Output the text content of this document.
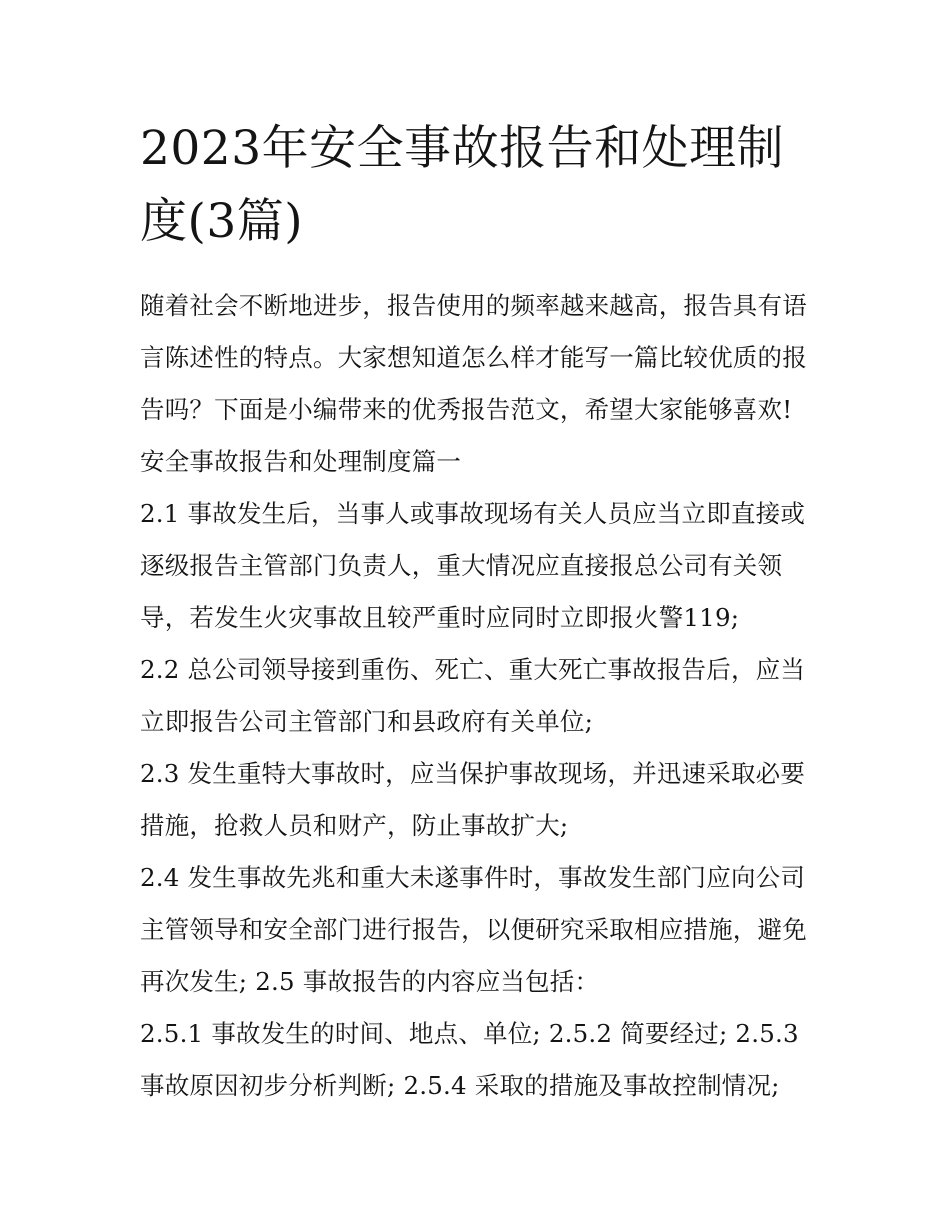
2023年安全事故报告和处理制度(3篇)

随着社会不断地进步，报告使用的频率越来越高，报告具有语言陈述性的特点。大家想知道怎么样才能写一篇比较优质的报告吗？下面是小编带来的优秀报告范文，希望大家能够喜欢!

安全事故报告和处理制度篇一

2.1 事故发生后，当事人或事故现场有关人员应当立即直接或逐级报告主管部门负责人，重大情况应直接报总公司有关领导，若发生火灾事故且较严重时应同时立即报火警119;

2.2 总公司领导接到重伤、死亡、重大死亡事故报告后，应当立即报告公司主管部门和县政府有关单位;

2.3 发生重特大事故时，应当保护事故现场，并迅速采取必要措施，抢救人员和财产，防止事故扩大;

2.4 发生事故先兆和重大未遂事件时，事故发生部门应向公司主管领导和安全部门进行报告，以便研究采取相应措施，避免再次发生; 2.5 事故报告的内容应当包括：

2.5.1 事故发生的时间、地点、单位; 2.5.2 简要经过; 2.5.3 事故原因初步分析判断; 2.5.4 采取的措施及事故控制情况;
